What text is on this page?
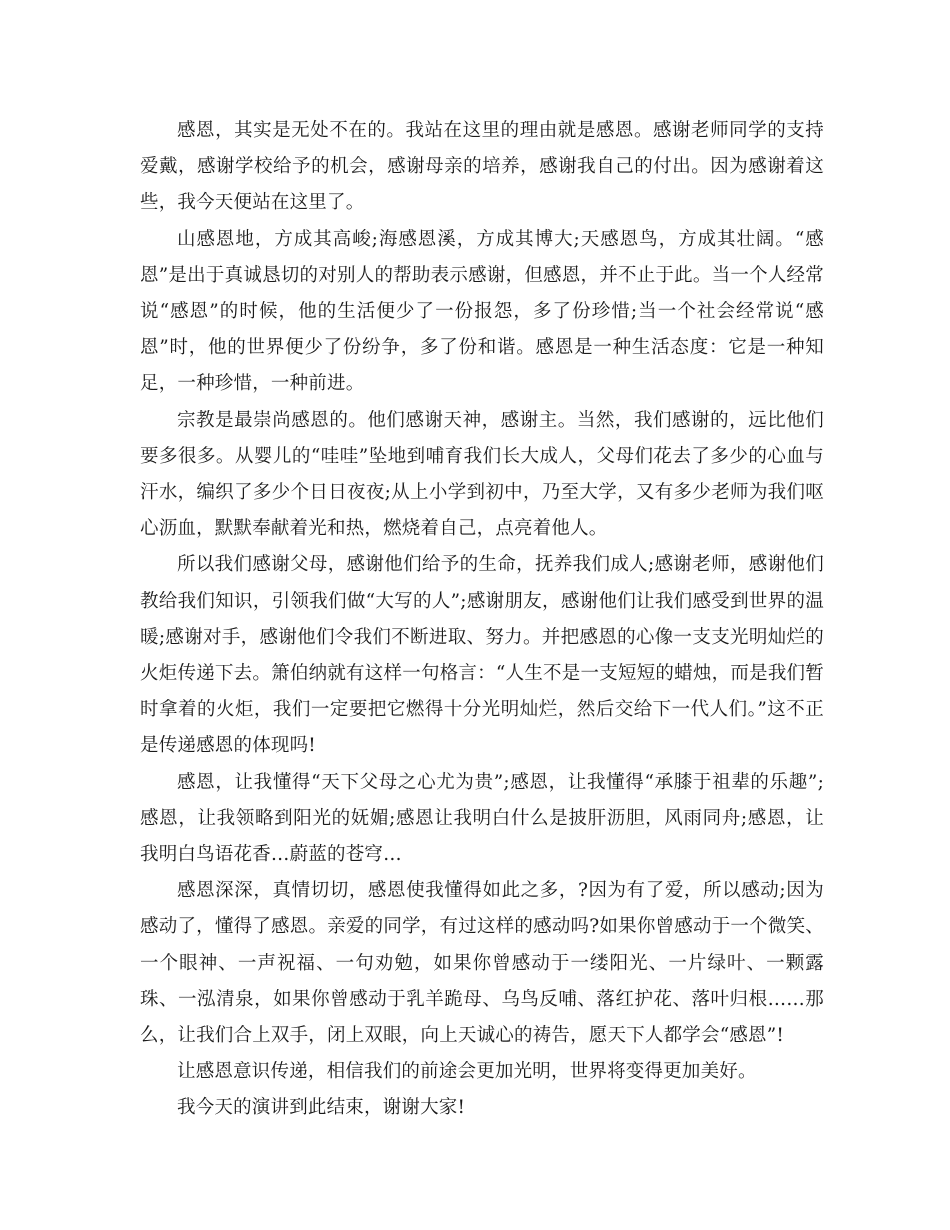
感恩，其实是无处不在的。我站在这里的理由就是感恩。感谢老师同学的支持爱戴，感谢学校给予的机会，感谢母亲的培养，感谢我自己的付出。因为感谢着这些，我今天便站在这里了。

山感恩地，方成其高峻;海感恩溪，方成其博大;天感恩鸟，方成其壮阔。“感恩”是出于真诚恳切的对别人的帮助表示感谢，但感恩，并不止于此。当一个人经常说“感恩”的时候，他的生活便少了一份报怨，多了份珍惜;当一个社会经常说“感恩”时，他的世界便少了份纷争，多了份和谐。感恩是一种生活态度：它是一种知足，一种珍惜，一种前进。

宗教是最崇尚感恩的。他们感谢天神，感谢主。当然，我们感谢的，远比他们要多很多。从婴儿的“哇哇”坠地到哺育我们长大成人，父母们花去了多少的心血与汗水，编织了多少个日日夜夜;从上小学到初中，乃至大学，又有多少老师为我们呕心沥血，默默奉献着光和热，燃烧着自己，点亮着他人。

所以我们感谢父母，感谢他们给予的生命，抚养我们成人;感谢老师，感谢他们教给我们知识，引领我们做“大写的人”;感谢朋友，感谢他们让我们感受到世界的温暖;感谢对手，感谢他们令我们不断进取、努力。并把感恩的心像一支支光明灿烂的火炬传递下去。箫伯纳就有这样一句格言：“人生不是一支短短的蜡烛，而是我们暂时拿着的火炬，我们一定要把它燃得十分光明灿烂，然后交给下一代人们。”这不正是传递感恩的体现吗!

感恩，让我懂得“天下父母之心尤为贵”;感恩，让我懂得“承膝于祖辈的乐趣”;感恩，让我领略到阳光的妩媚;感恩让我明白什么是披肝沥胆，风雨同舟;感恩，让我明白鸟语花香…蔚蓝的苍穹…

感恩深深，真情切切，感恩使我懂得如此之多，?因为有了爱，所以感动;因为感动了，懂得了感恩。亲爱的同学，有过这样的感动吗?如果你曾感动于一个微笑、一个眼神、一声祝福、一句劝勉，如果你曾感动于一缕阳光、一片绿叶、一颗露珠、一泓清泉，如果你曾感动于乳羊跪母、乌鸟反哺、落红护花、落叶归根……那么，让我们合上双手，闭上双眼，向上天诚心的祷告，愿天下人都学会“感恩”!

让感恩意识传递，相信我们的前途会更加光明，世界将变得更加美好。

我今天的演讲到此结束，谢谢大家!
